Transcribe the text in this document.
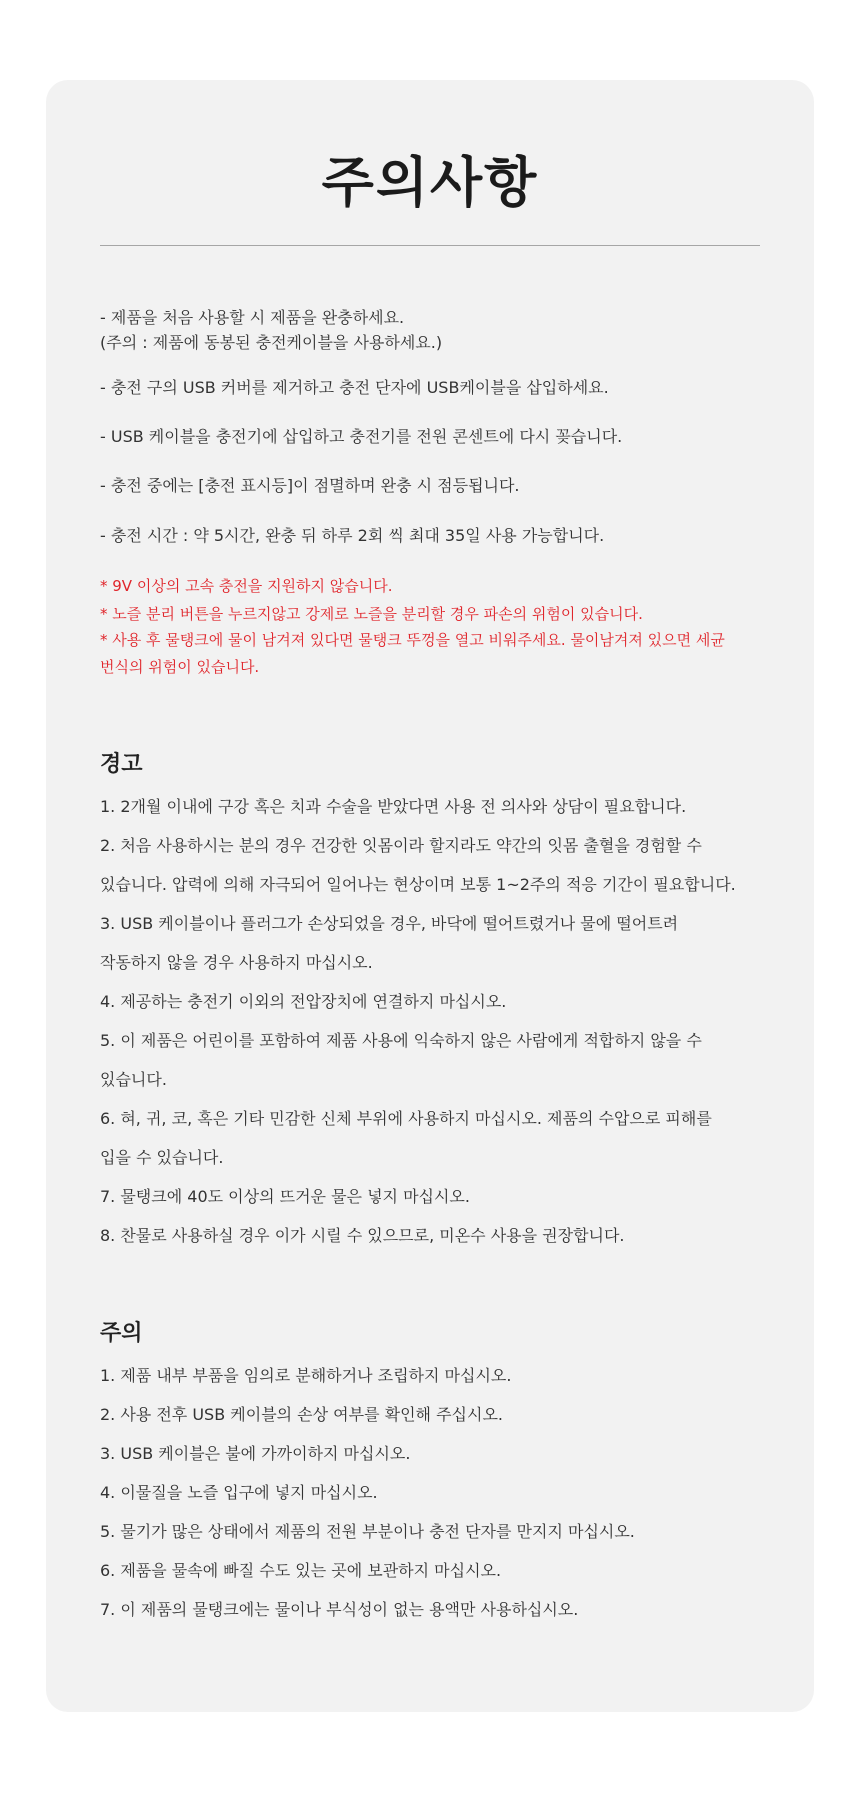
주의사항

- 제품을 처음 사용할 시 제품을 완충하세요.

(주의 : 제품에 동봉된 충전케이블을 사용하세요.)

- 충전 구의 USB 커버를 제거하고 충전 단자에 USB케이블을 삽입하세요.

- USB 케이블을 충전기에 삽입하고 충전기를 전원 콘센트에 다시 꽂습니다.

- 충전 중에는 [충전 표시등]이 점멸하며 완충 시 점등됩니다.

- 충전 시간 : 약 5시간, 완충 뒤 하루 2회 씩 최대 35일 사용 가능합니다.

* 9V 이상의 고속 충전을 지원하지 않습니다.

* 노즐 분리 버튼을 누르지않고 강제로 노즐을 분리할 경우 파손의 위험이 있습니다.

* 사용 후 물탱크에 물이 남겨져 있다면 물탱크 뚜껑을 열고 비워주세요. 물이남겨져 있으면 세균

번식의 위험이 있습니다.

경고

1. 2개월 이내에 구강 혹은 치과 수술을 받았다면 사용 전 의사와 상담이 필요합니다.

2. 처음 사용하시는 분의 경우 건강한 잇몸이라 할지라도 약간의 잇몸 출혈을 경험할 수

있습니다. 압력에 의해 자극되어 일어나는 현상이며 보통 1~2주의 적응 기간이 필요합니다.

3. USB 케이블이나 플러그가 손상되었을 경우, 바닥에 떨어트렸거나 물에 떨어트려

작동하지 않을 경우 사용하지 마십시오.

4. 제공하는 충전기 이외의 전압장치에 연결하지 마십시오.

5. 이 제품은 어린이를 포함하여 제품 사용에 익숙하지 않은 사람에게 적합하지 않을 수

있습니다.

6. 혀, 귀, 코, 혹은 기타 민감한 신체 부위에 사용하지 마십시오. 제품의 수압으로 피해를

입을 수 있습니다.

7. 물탱크에 40도 이상의 뜨거운 물은 넣지 마십시오.

8. 찬물로 사용하실 경우 이가 시릴 수 있으므로, 미온수 사용을 권장합니다.

주의

1. 제품 내부 부품을 임의로 분해하거나 조립하지 마십시오.

2. 사용 전후 USB 케이블의 손상 여부를 확인해 주십시오.

3. USB 케이블은 불에 가까이하지 마십시오.

4. 이물질을 노즐 입구에 넣지 마십시오.

5. 물기가 많은 상태에서 제품의 전원 부분이나 충전 단자를 만지지 마십시오.

6. 제품을 물속에 빠질 수도 있는 곳에 보관하지 마십시오.

7. 이 제품의 물탱크에는 물이나 부식성이 없는 용액만 사용하십시오.
